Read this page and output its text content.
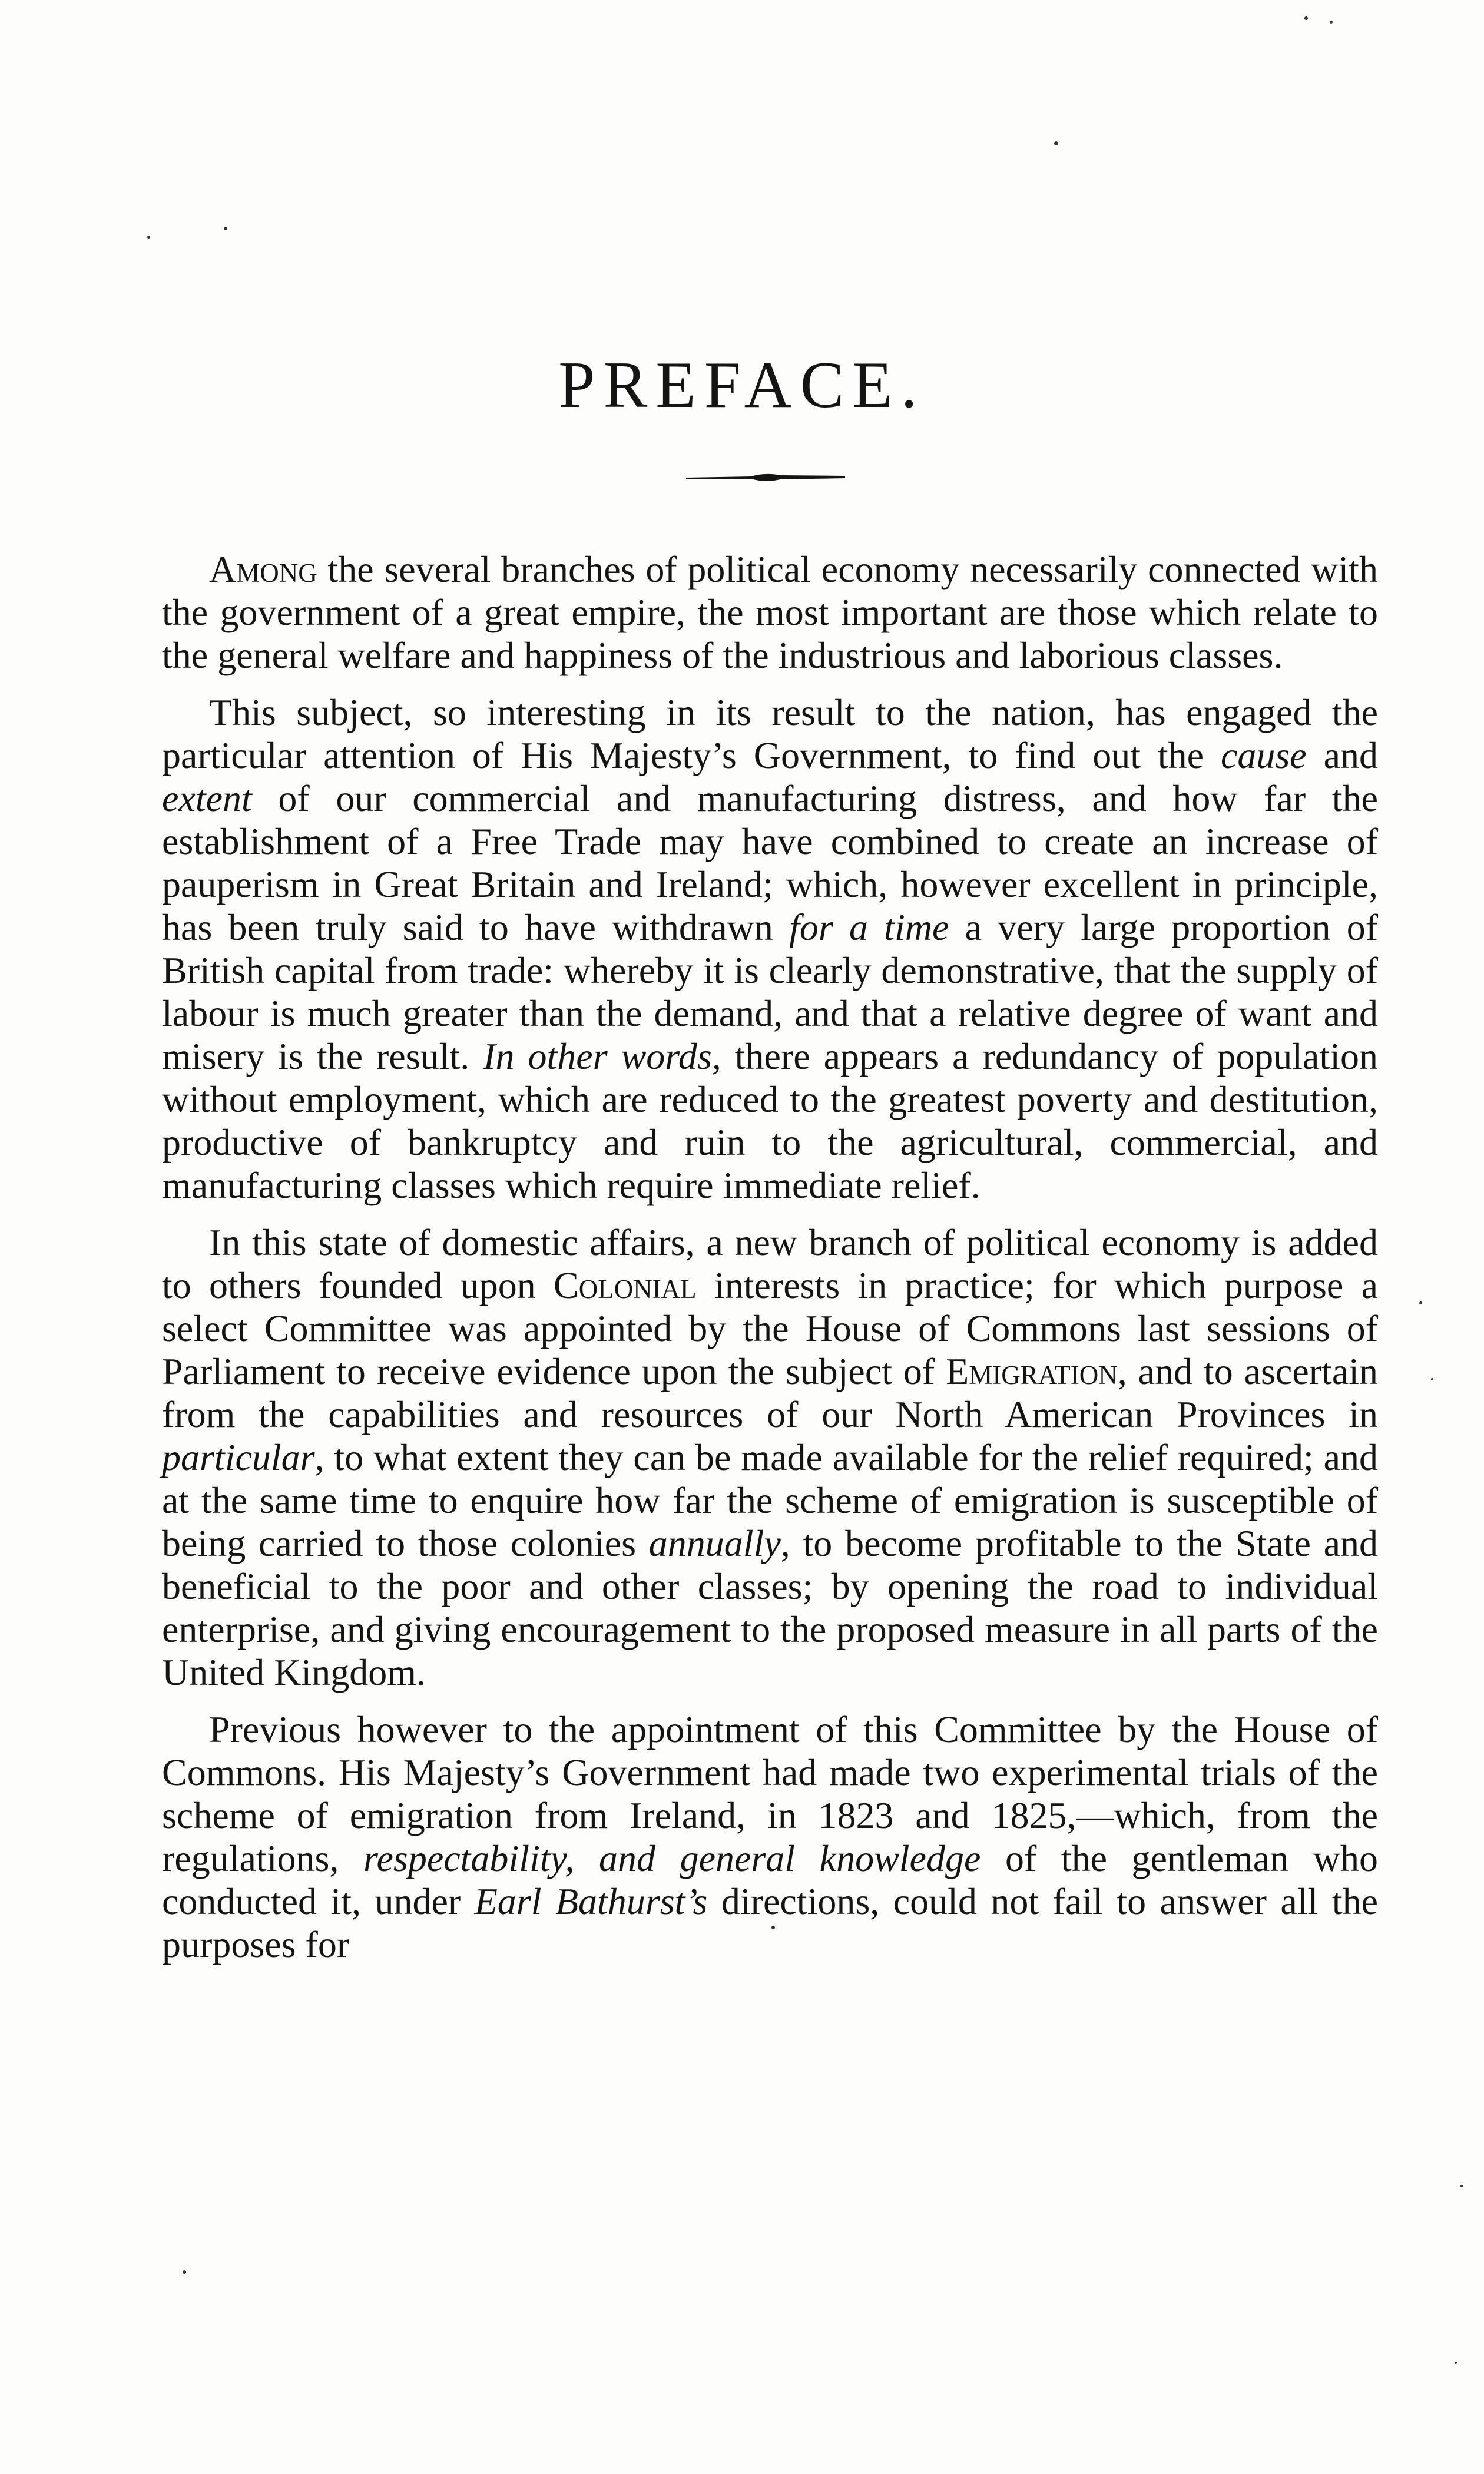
PREFACE.

Among the several branches of political economy necessarily connected with the government of a great empire, the most important are those which relate to the general welfare and happiness of the industrious and laborious classes.

This subject, so interesting in its result to the nation, has engaged the particular attention of His Majesty’s Government, to find out the cause and extent of our commercial and manufacturing distress, and how far the establishment of a Free Trade may have combined to create an increase of pauperism in Great Britain and Ireland; which, however excellent in principle, has been truly said to have withdrawn for a time a very large proportion of British capital from trade: whereby it is clearly demonstrative, that the supply of labour is much greater than the demand, and that a relative degree of want and misery is the result. In other words, there appears a redundancy of population without employment, which are reduced to the greatest poverty and destitution, productive of bankruptcy and ruin to the agricultural, commercial, and manufacturing classes which require immediate relief.

In this state of domestic affairs, a new branch of political economy is added to others founded upon Colonial interests in practice; for which purpose a select Committee was appointed by the House of Commons last sessions of Parliament to receive evidence upon the subject of Emigration, and to ascertain from the capabilities and resources of our North American Provinces in particular, to what extent they can be made available for the relief required; and at the same time to enquire how far the scheme of emigration is susceptible of being carried to those colonies annually, to become profitable to the State and beneficial to the poor and other classes; by opening the road to individual enterprise, and giving encouragement to the proposed measure in all parts of the United Kingdom.

Previous however to the appointment of this Committee by the House of Commons. His Majesty’s Government had made two experimental trials of the scheme of emigration from Ireland, in 1823 and 1825,—which, from the regulations, respectability, and general knowledge of the gentleman who conducted it, under Earl Bathurst’s directions, could not fail to answer all the purposes for
